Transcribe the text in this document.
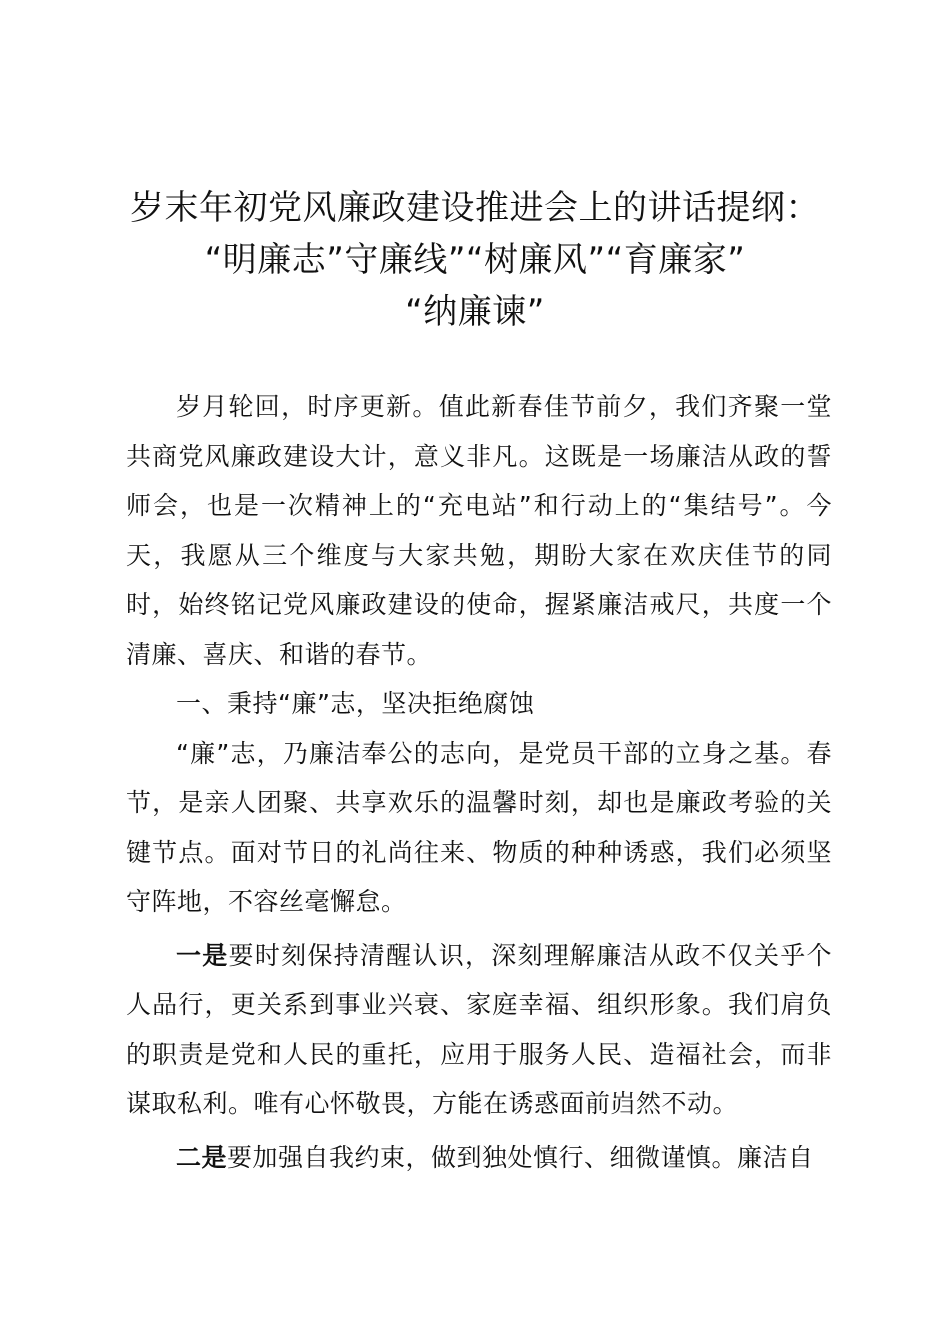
岁末年初党风廉政建设推进会上的讲话提纲：
“明廉志”守廉线”“树廉风”“育廉家”
“纳廉谏”

岁月轮回，时序更新。值此新春佳节前夕，我们齐聚一堂共商党风廉政建设大计，意义非凡。这既是一场廉洁从政的誓师会，也是一次精神上的“充电站”和行动上的“集结号”。今天，我愿从三个维度与大家共勉，期盼大家在欢庆佳节的同时，始终铭记党风廉政建设的使命，握紧廉洁戒尺，共度一个清廉、喜庆、和谐的春节。

一、秉持“廉”志，坚决拒绝腐蚀

“廉”志，乃廉洁奉公的志向，是党员干部的立身之基。春节，是亲人团聚、共享欢乐的温馨时刻，却也是廉政考验的关键节点。面对节日的礼尚往来、物质的种种诱惑，我们必须坚守阵地，不容丝毫懈怠。

一是要时刻保持清醒认识，深刻理解廉洁从政不仅关乎个人品行，更关系到事业兴衰、家庭幸福、组织形象。我们肩负的职责是党和人民的重托，应用于服务人民、造福社会，而非谋取私利。唯有心怀敬畏，方能在诱惑面前岿然不动。

二是要加强自我约束，做到独处慎行、细微谨慎。廉洁自
